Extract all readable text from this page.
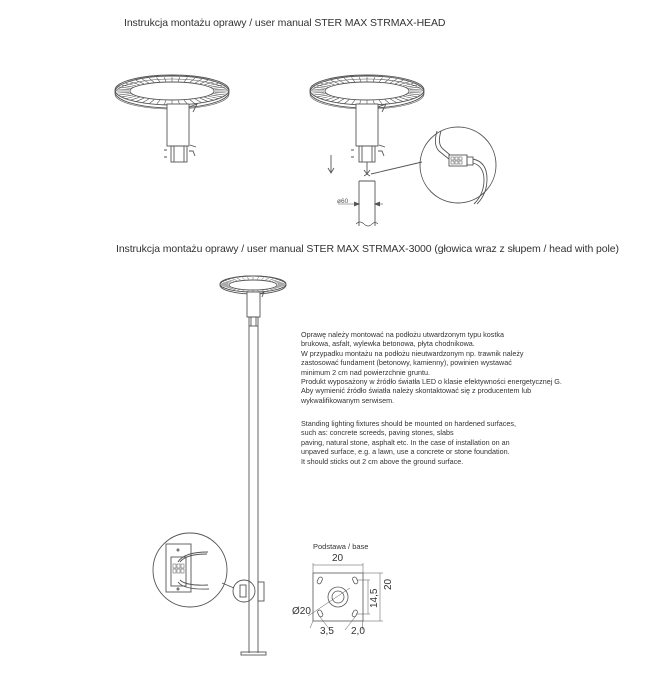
Instrukcja montażu oprawy / user manual STER MAX STRMAX-HEAD
ø60
Instrukcja montażu oprawy / user manual STER MAX STRMAX-3000 (głowica wraz z słupem / head with pole)
Oprawę należy montować na podłożu utwardzonym typu kostka
brukowa, asfalt, wylewka betonowa, płyta chodnikowa.
W przypadku montażu na podłożu nieutwardzonym np. trawnik należy
zastosować fundament (betonowy, kamienny), powinien wystawać
minimum 2 cm nad powierzchnie gruntu.
Produkt wyposażony w źródło światła LED o klasie efektywności energetycznej G.
Aby wymienić źródło światła należy skontaktować się z producentem lub
wykwalifikowanym serwisem.
Standing lighting fixtures should be mounted on hardened surfaces,
such as: concrete screeds, paving stones, slabs
paving, natural stone, asphalt etc. In the case of installation on an
unpaved surface, e.g. a lawn, use a concrete or stone foundation.
It should sticks out 2 cm above the ground surface.
Podstawa / base
20
20
14,5
Ø20
3,5 2,0
